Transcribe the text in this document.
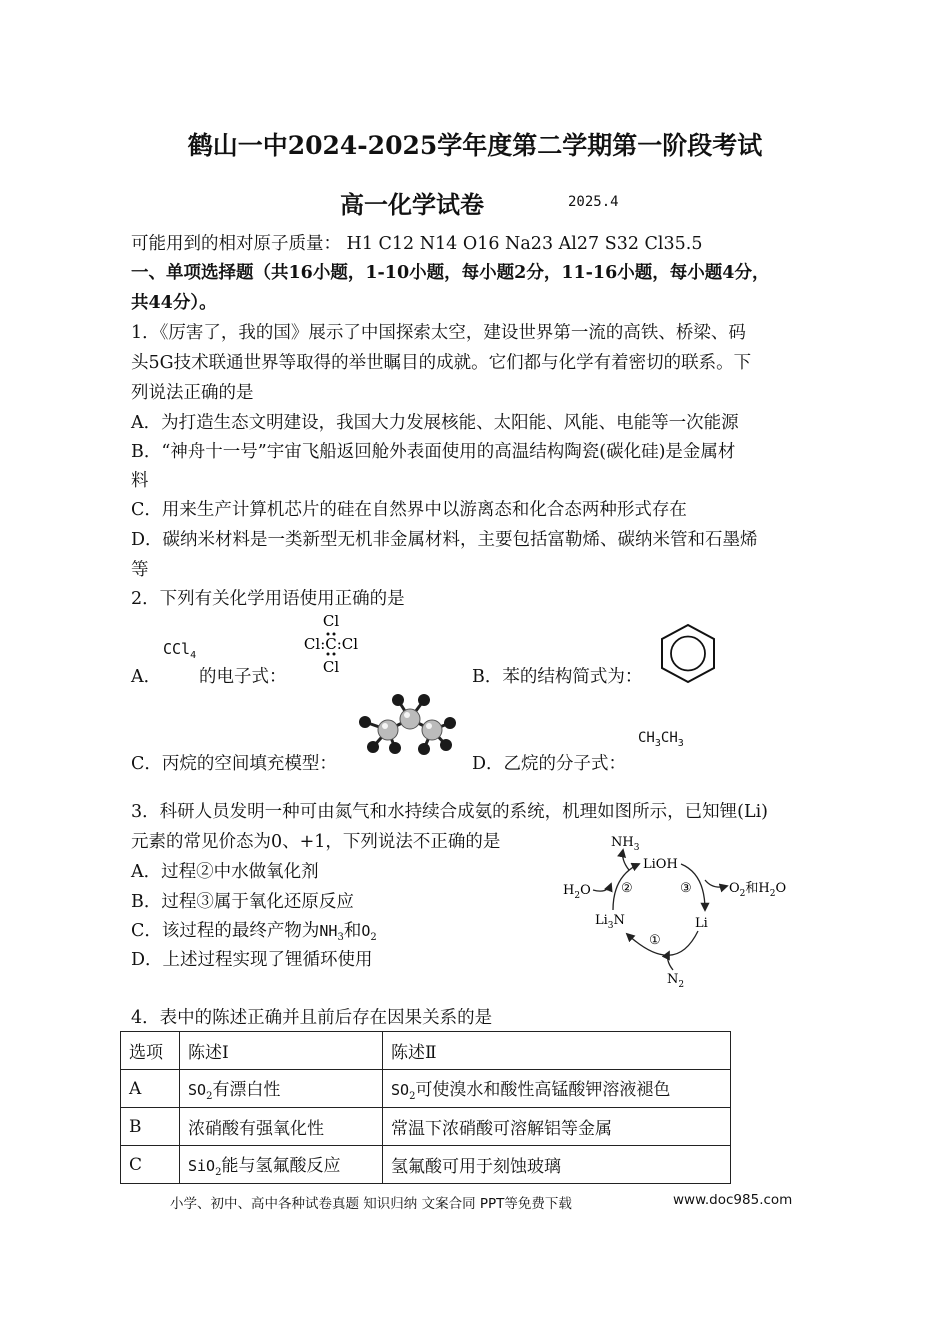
鹤山一中2024-2025学年度第二学期第一阶段考试
高一化学试卷	2025.4
可能用到的相对原子质量： H1 C12 N14 O16 Na23 Al27 S32 Cl35.5
一、单项选择题（共16小题，1-10小题，每小题2分，11-16小题，每小题4分，
共44分）。
1．《厉害了，我的国》展示了中国探索太空，建设世界第一流的高铁、桥梁、码
头5G技术联通世界等取得的举世瞩目的成就。它们都与化学有着密切的联系。下
列说法正确的是
A．为打造生态文明建设，我国大力发展核能、太阳能、风能、电能等一次能源
B．“神舟十一号”宇宙飞船返回舱外表面使用的高温结构陶瓷(碳化硅)是金属材
料
C．用来生产计算机芯片的硅在自然界中以游离态和化合态两种形式存在
D．碳纳米材料是一类新型无机非金属材料，主要包括富勒烯、碳纳米管和石墨烯
等
2．下列有关化学用语使用正确的是
A．
CCl$_4$
的电子式：
Cl
Cl:C:Cl
Cl	B．苯的结构简式为：
C．丙烷的空间填充模型：	D．乙烷的分子式：
$CH_3CH_3$
3．科研人员发明一种可由氮气和水持续合成氨的系统，机理如图所示，已知锂(Li)
元素的常见价态为0、+1，下列说法不正确的是
A．过程②中水做氧化剂
B．过程③属于氧化还原反应
C．该过程的最终产物为$NH_3$和$O_2$
D．上述过程实现了锂循环使用
$NH_3$
LiOH
$H_2O$ ②	③	$O_2$和$H_2O$
$Li_3N$	Li
①
$N_2$
4．表中的陈述正确并且前后存在因果关系的是
选项	陈述Ⅰ	陈述Ⅱ
A	$SO_2$有漂白性	$SO_2$可使溴水和酸性高锰酸钾溶液褪色
B	浓硝酸有强氧化性	常温下浓硝酸可溶解铝等金属
C	SiO$_2$能与氢氟酸反应	氢氟酸可用于刻蚀玻璃
小学、初中、高中各种试卷真题 知识归纳 文案合同 PPT等免费下载	www.doc985.com
